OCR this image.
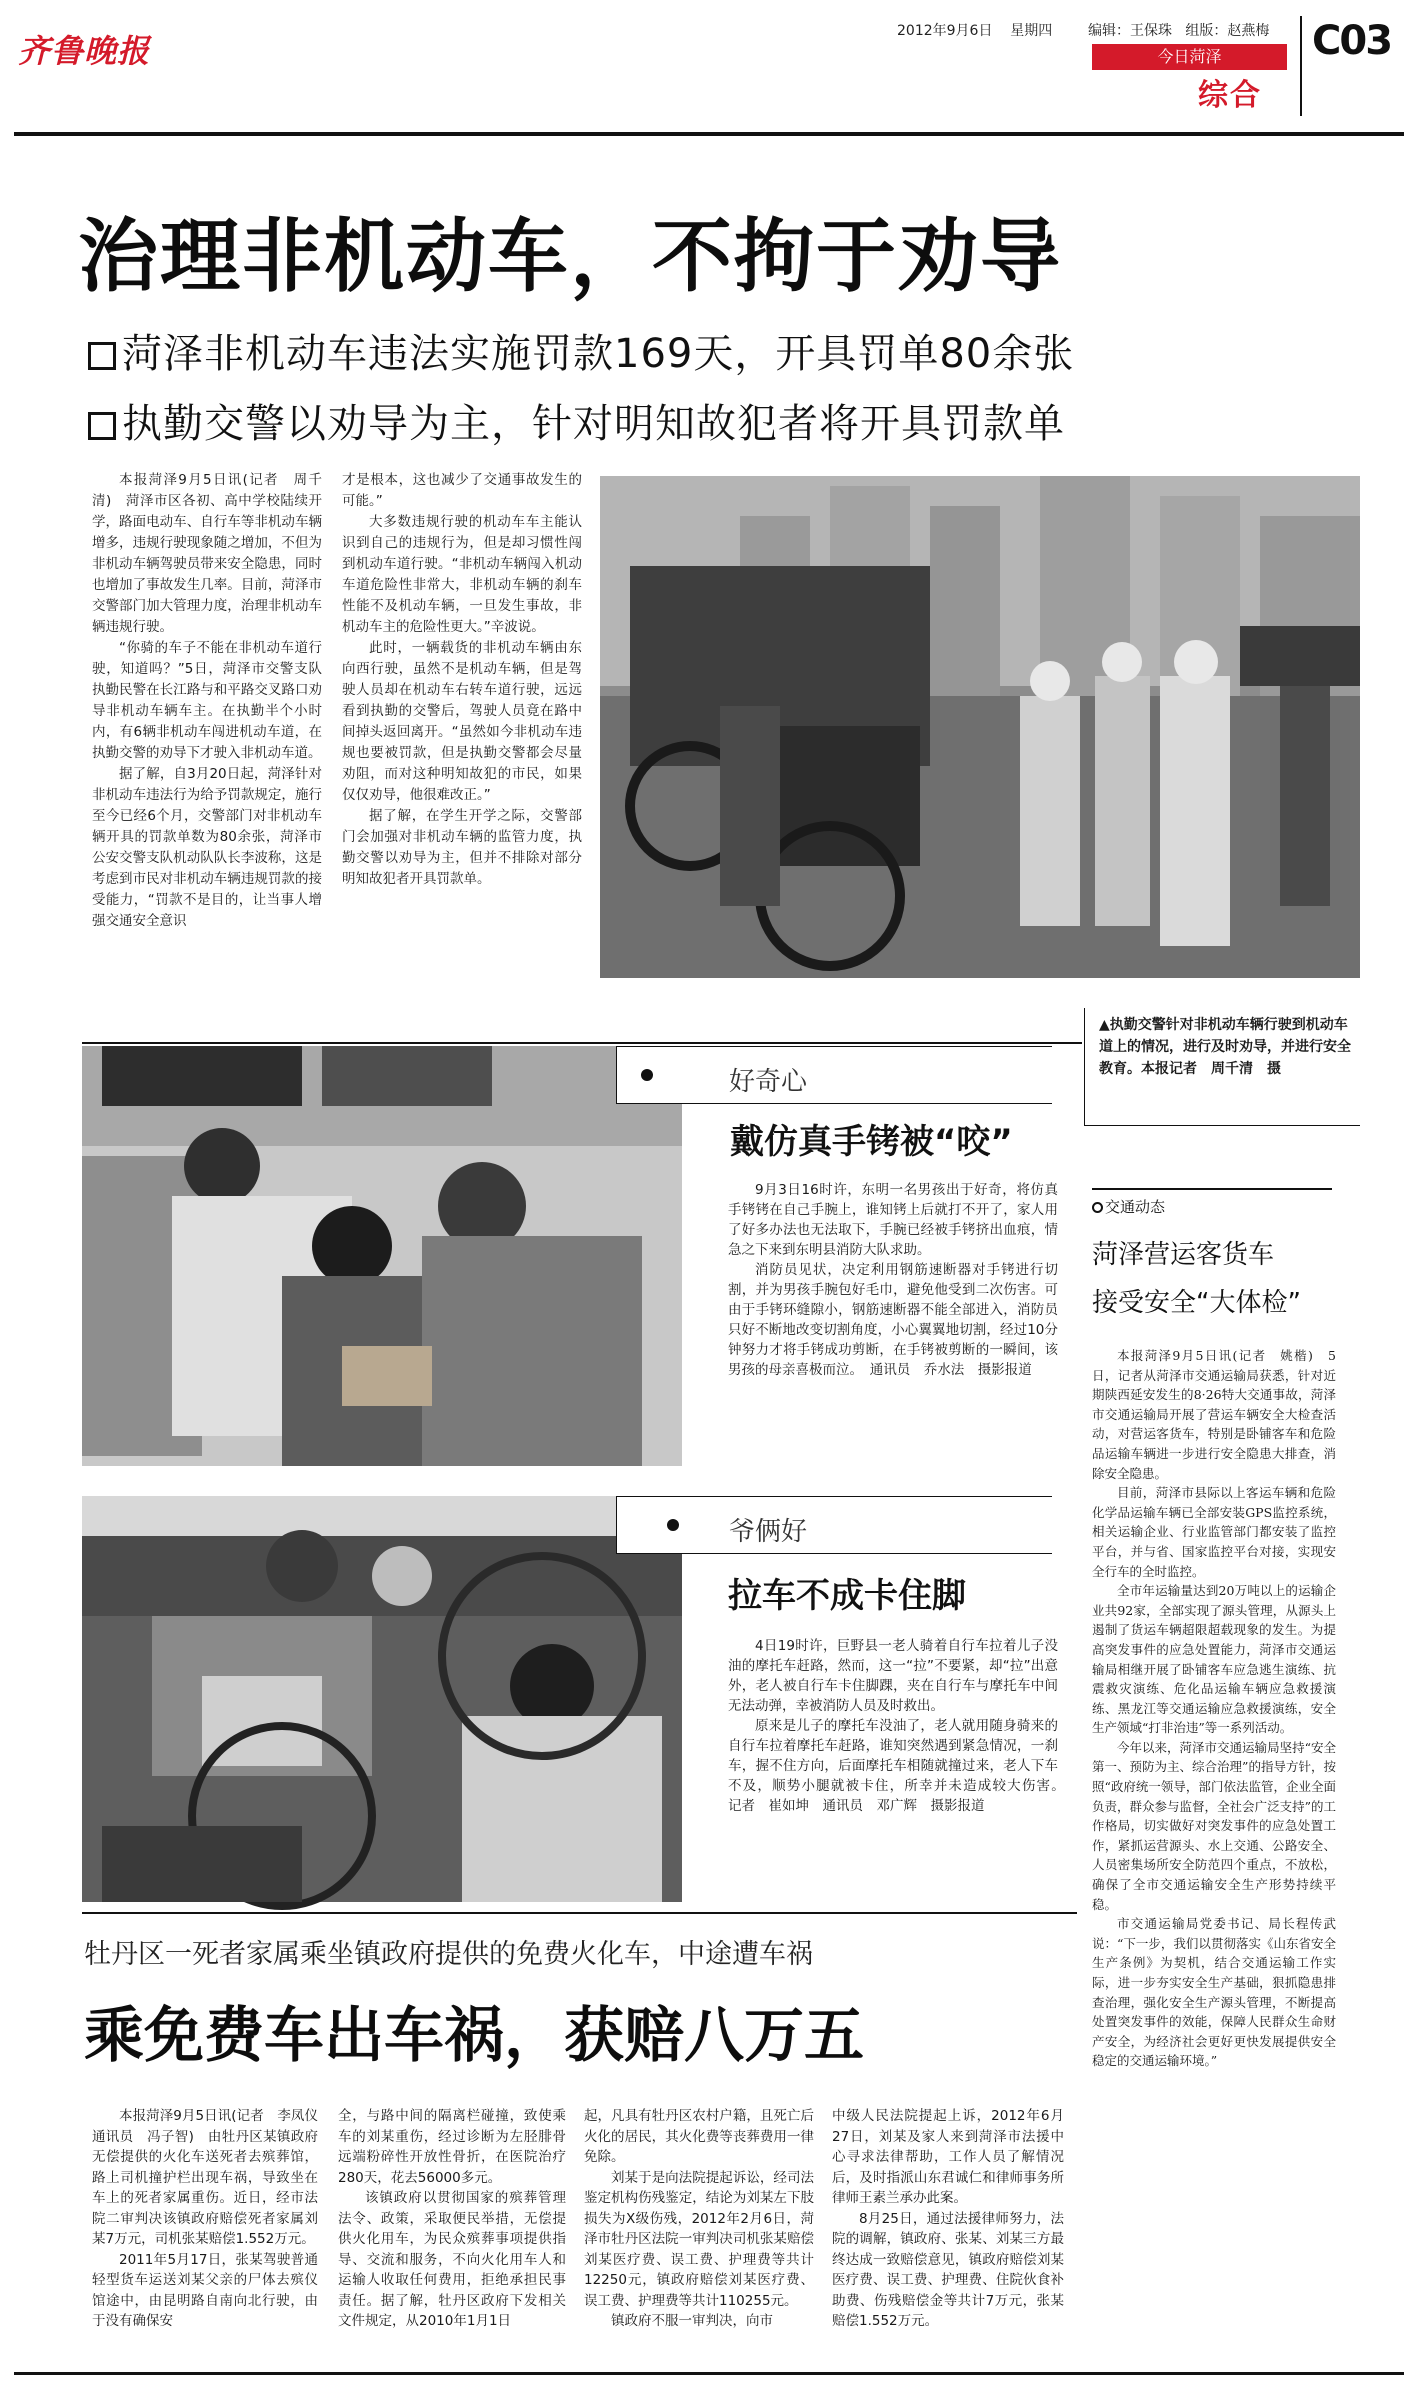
齐鲁晚报
2012年9月6日 星期四	编辑：王保珠 组版：赵燕梅
今日菏泽
综合
C03
治理非机动车，不拘于劝导
菏泽非机动车违法实施罚款169天，开具罚单80余张
执勤交警以劝导为主，针对明知故犯者将开具罚款单

本报菏泽9月5日讯(记者　周千清)　菏泽市区各初、高中学校陆续开学，路面电动车、自行车等非机动车辆增多，违规行驶现象随之增加，不但为非机动车辆驾驶员带来安全隐患，同时也增加了事故发生几率。目前，菏泽市交警部门加大管理力度，治理非机动车辆违规行驶。

“你骑的车子不能在非机动车道行驶，知道吗？”5日，菏泽市交警支队执勤民警在长江路与和平路交叉路口劝导非机动车辆车主。在执勤半个小时内，有6辆非机动车闯进机动车道，在执勤交警的劝导下才驶入非机动车道。

据了解，自3月20日起，菏泽针对非机动车违法行为给予罚款规定，施行至今已经6个月，交警部门对非机动车辆开具的罚款单数为80余张，菏泽市公安交警支队机动队队长李波称，这是考虑到市民对非机动车辆违规罚款的接受能力，“罚款不是目的，让当事人增强交通安全意识

才是根本，这也减少了交通事故发生的可能。”

大多数违规行驶的机动车车主能认识到自己的违规行为，但是却习惯性闯到机动车道行驶。“非机动车辆闯入机动车道危险性非常大，非机动车辆的刹车性能不及机动车辆，一旦发生事故，非机动车主的危险性更大。”辛波说。

此时，一辆载货的非机动车辆由东向西行驶，虽然不是机动车辆，但是驾驶人员却在机动车右转车道行驶，远远看到执勤的交警后，驾驶人员竟在路中间掉头返回离开。“虽然如今非机动车违规也要被罚款，但是执勤交警都会尽量劝阻，而对这种明知故犯的市民，如果仅仅劝导，他很难改正。”

据了解，在学生开学之际，交警部门会加强对非机动车辆的监管力度，执勤交警以劝导为主，但并不排除对部分明知故犯者开具罚款单。

▲执勤交警针对非机动车辆行驶到机动车道上的情况，进行及时劝导，并进行安全教育。本报记者　周千清　摄
好奇心
戴仿真手铐被“咬”

9月3日16时许，东明一名男孩出于好奇，将仿真手铐铐在自己手腕上，谁知铐上后就打不开了，家人用了好多办法也无法取下，手腕已经被手铐挤出血痕，情急之下来到东明县消防大队求助。

消防员见状，决定利用钢筋速断器对手铐进行切割，并为男孩手腕包好毛巾，避免他受到二次伤害。可由于手铐环缝隙小，钢筋速断器不能全部进入，消防员只好不断地改变切割角度，小心翼翼地切割，经过10分钟努力才将手铐成功剪断，在手铐被剪断的一瞬间，该男孩的母亲喜极而泣。　通讯员　乔水法　摄影报道

爷俩好
拉车不成卡住脚

4日19时许，巨野县一老人骑着自行车拉着儿子没油的摩托车赶路，然而，这一“拉”不要紧，却“拉”出意外，老人被自行车卡住脚踝，夹在自行车与摩托车中间无法动弹，幸被消防人员及时救出。

原来是儿子的摩托车没油了，老人就用随身骑来的自行车拉着摩托车赶路，谁知突然遇到紧急情况，一刹车，握不住方向，后面摩托车相随就撞过来，老人下车不及，顺势小腿就被卡住，所幸并未造成较大伤害。　记者　崔如坤　通讯员　邓广辉　摄影报道

交通动态
菏泽营运客货车
接受安全“大体检”

本报菏泽9月5日讯(记者　姚楷)　5日，记者从菏泽市交通运输局获悉，针对近期陕西延安发生的8·26特大交通事故，菏泽市交通运输局开展了营运车辆安全大检查活动，对营运客货车，特别是卧铺客车和危险品运输车辆进一步进行安全隐患大排查，消除安全隐患。

目前，菏泽市县际以上客运车辆和危险化学品运输车辆已全部安装GPS监控系统，相关运输企业、行业监管部门都安装了监控平台，并与省、国家监控平台对接，实现安全行车的全时监控。

全市年运输量达到20万吨以上的运输企业共92家，全部实现了源头管理，从源头上遏制了货运车辆超限超载现象的发生。为提高突发事件的应急处置能力，菏泽市交通运输局相继开展了卧铺客车应急逃生演练、抗震救灾演练、危化品运输车辆应急救援演练、黑龙江等交通运输应急救援演练，安全生产领域“打非治违”等一系列活动。

今年以来，菏泽市交通运输局坚持“安全第一、预防为主、综合治理”的指导方针，按照“政府统一领导，部门依法监管，企业全面负责，群众参与监督，全社会广泛支持”的工作格局，切实做好对突发事件的应急处置工作，紧抓运营源头、水上交通、公路安全、人员密集场所安全防范四个重点，不放松，确保了全市交通运输安全生产形势持续平稳。

市交通运输局党委书记、局长程传武说：“下一步，我们以贯彻落实《山东省安全生产条例》为契机，结合交通运输工作实际，进一步夯实安全生产基础，狠抓隐患排查治理，强化安全生产源头管理，不断提高处置突发事件的效能，保障人民群众生命财产安全，为经济社会更好更快发展提供安全稳定的交通运输环境。”

牡丹区一死者家属乘坐镇政府提供的免费火化车，中途遭车祸
乘免费车出车祸，获赔八万五

本报菏泽9月5日讯(记者　李凤仪　通讯员　冯子智)　由牡丹区某镇政府无偿提供的火化车送死者去殡葬馆，路上司机撞护栏出现车祸，导致坐在车上的死者家属重伤。近日，经市法院二审判决该镇政府赔偿死者家属刘某7万元，司机张某赔偿1.552万元。

2011年5月17日，张某驾驶普通轻型货车运送刘某父亲的尸体去殡仪馆途中，由昆明路自南向北行驶，由于没有确保安

全，与路中间的隔离栏碰撞，致使乘车的刘某重伤，经过诊断为左胫腓骨远端粉碎性开放性骨折，在医院治疗280天，花去56000多元。

该镇政府以贯彻国家的殡葬管理法令、政策，采取便民举措，无偿提供火化用车，为民众殡葬事项提供指导、交流和服务，不向火化用车人和运输人收取任何费用，拒绝承担民事责任。据了解，牡丹区政府下发相关文件规定，从2010年1月1日

起，凡具有牡丹区农村户籍，且死亡后火化的居民，其火化费等丧葬费用一律免除。

刘某于是向法院提起诉讼，经司法鉴定机构伤残鉴定，结论为刘某左下肢损失为X级伤残，2012年2月6日，菏泽市牡丹区法院一审判决司机张某赔偿刘某医疗费、误工费、护理费等共计12250元，镇政府赔偿刘某医疗费、误工费、护理费等共计110255元。

镇政府不服一审判决，向市

中级人民法院提起上诉，2012年6月27日，刘某及家人来到菏泽市法援中心寻求法律帮助，工作人员了解情况后，及时指派山东君诚仁和律师事务所律师王素兰承办此案。

8月25日，通过法援律师努力，法院的调解，镇政府、张某、刘某三方最终达成一致赔偿意见，镇政府赔偿刘某医疗费、误工费、护理费、住院伙食补助费、伤残赔偿金等共计7万元，张某赔偿1.552万元。
